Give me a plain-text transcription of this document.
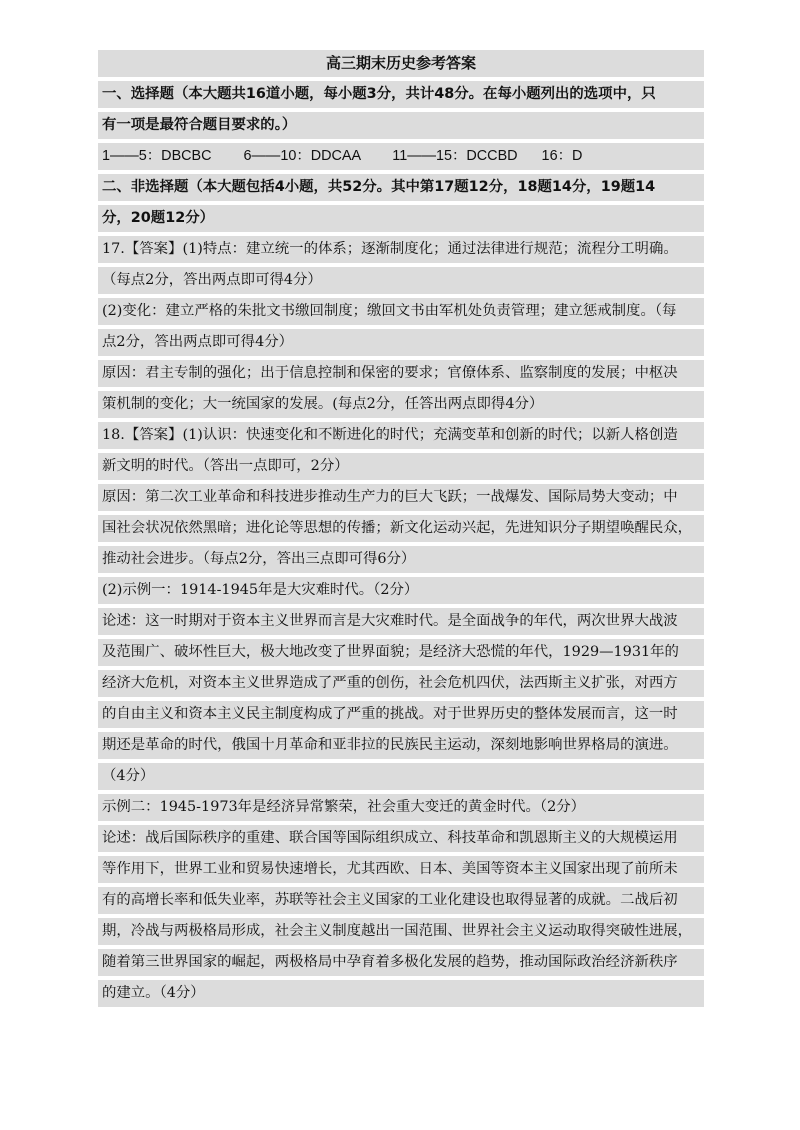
高三期末历史参考答案
一、选择题（本大题共16道小题，每小题3分，共计48分。在每小题列出的选项中，只
有一项是最符合题目要求的。）
1——5：DBCBC        6——10：DDCAA        11——15：DCCBD      16：D
二、非选择题（本大题包括4小题，共52分。其中第17题12分，18题14分，19题14
分，20题12分）
17.【答案】(1)特点：建立统一的体系；逐渐制度化；通过法律进行规范；流程分工明确。
（每点2分，答出两点即可得4分）
(2)变化：建立严格的朱批文书缴回制度；缴回文书由军机处负责管理；建立惩戒制度。（每
点2分，答出两点即可得4分）
原因：君主专制的强化；出于信息控制和保密的要求；官僚体系、监察制度的发展；中枢决
策机制的变化；大一统国家的发展。(每点2分，任答出两点即得4分）
18.【答案】(1)认识：快速变化和不断进化的时代；充满变革和创新的时代；以新人格创造
新文明的时代。（答出一点即可，2分）
原因：第二次工业革命和科技进步推动生产力的巨大飞跃；一战爆发、国际局势大变动；中
国社会状况依然黑暗；进化论等思想的传播；新文化运动兴起，先进知识分子期望唤醒民众，
推动社会进步。（每点2分，答出三点即可得6分）
(2)示例一：1914-1945年是大灾难时代。（2分）
论述：这一时期对于资本主义世界而言是大灾难时代。是全面战争的年代，两次世界大战波
及范围广、破坏性巨大，极大地改变了世界面貌；是经济大恐慌的年代，1929—1931年的
经济大危机，对资本主义世界造成了严重的创伤，社会危机四伏，法西斯主义扩张，对西方
的自由主义和资本主义民主制度构成了严重的挑战。对于世界历史的整体发展而言，这一时
期还是革命的时代，俄国十月革命和亚非拉的民族民主运动，深刻地影响世界格局的演进。
（4分）
示例二：1945-1973年是经济异常繁荣，社会重大变迁的黄金时代。（2分）
论述：战后国际秩序的重建、联合国等国际组织成立、科技革命和凯恩斯主义的大规模运用
等作用下，世界工业和贸易快速增长，尤其西欧、日本、美国等资本主义国家出现了前所未
有的高增长率和低失业率，苏联等社会主义国家的工业化建设也取得显著的成就。二战后初
期，冷战与两极格局形成，社会主义制度越出一国范围、世界社会主义运动取得突破性进展，
随着第三世界国家的崛起，两极格局中孕育着多极化发展的趋势，推动国际政治经济新秩序
的建立。（4分）
